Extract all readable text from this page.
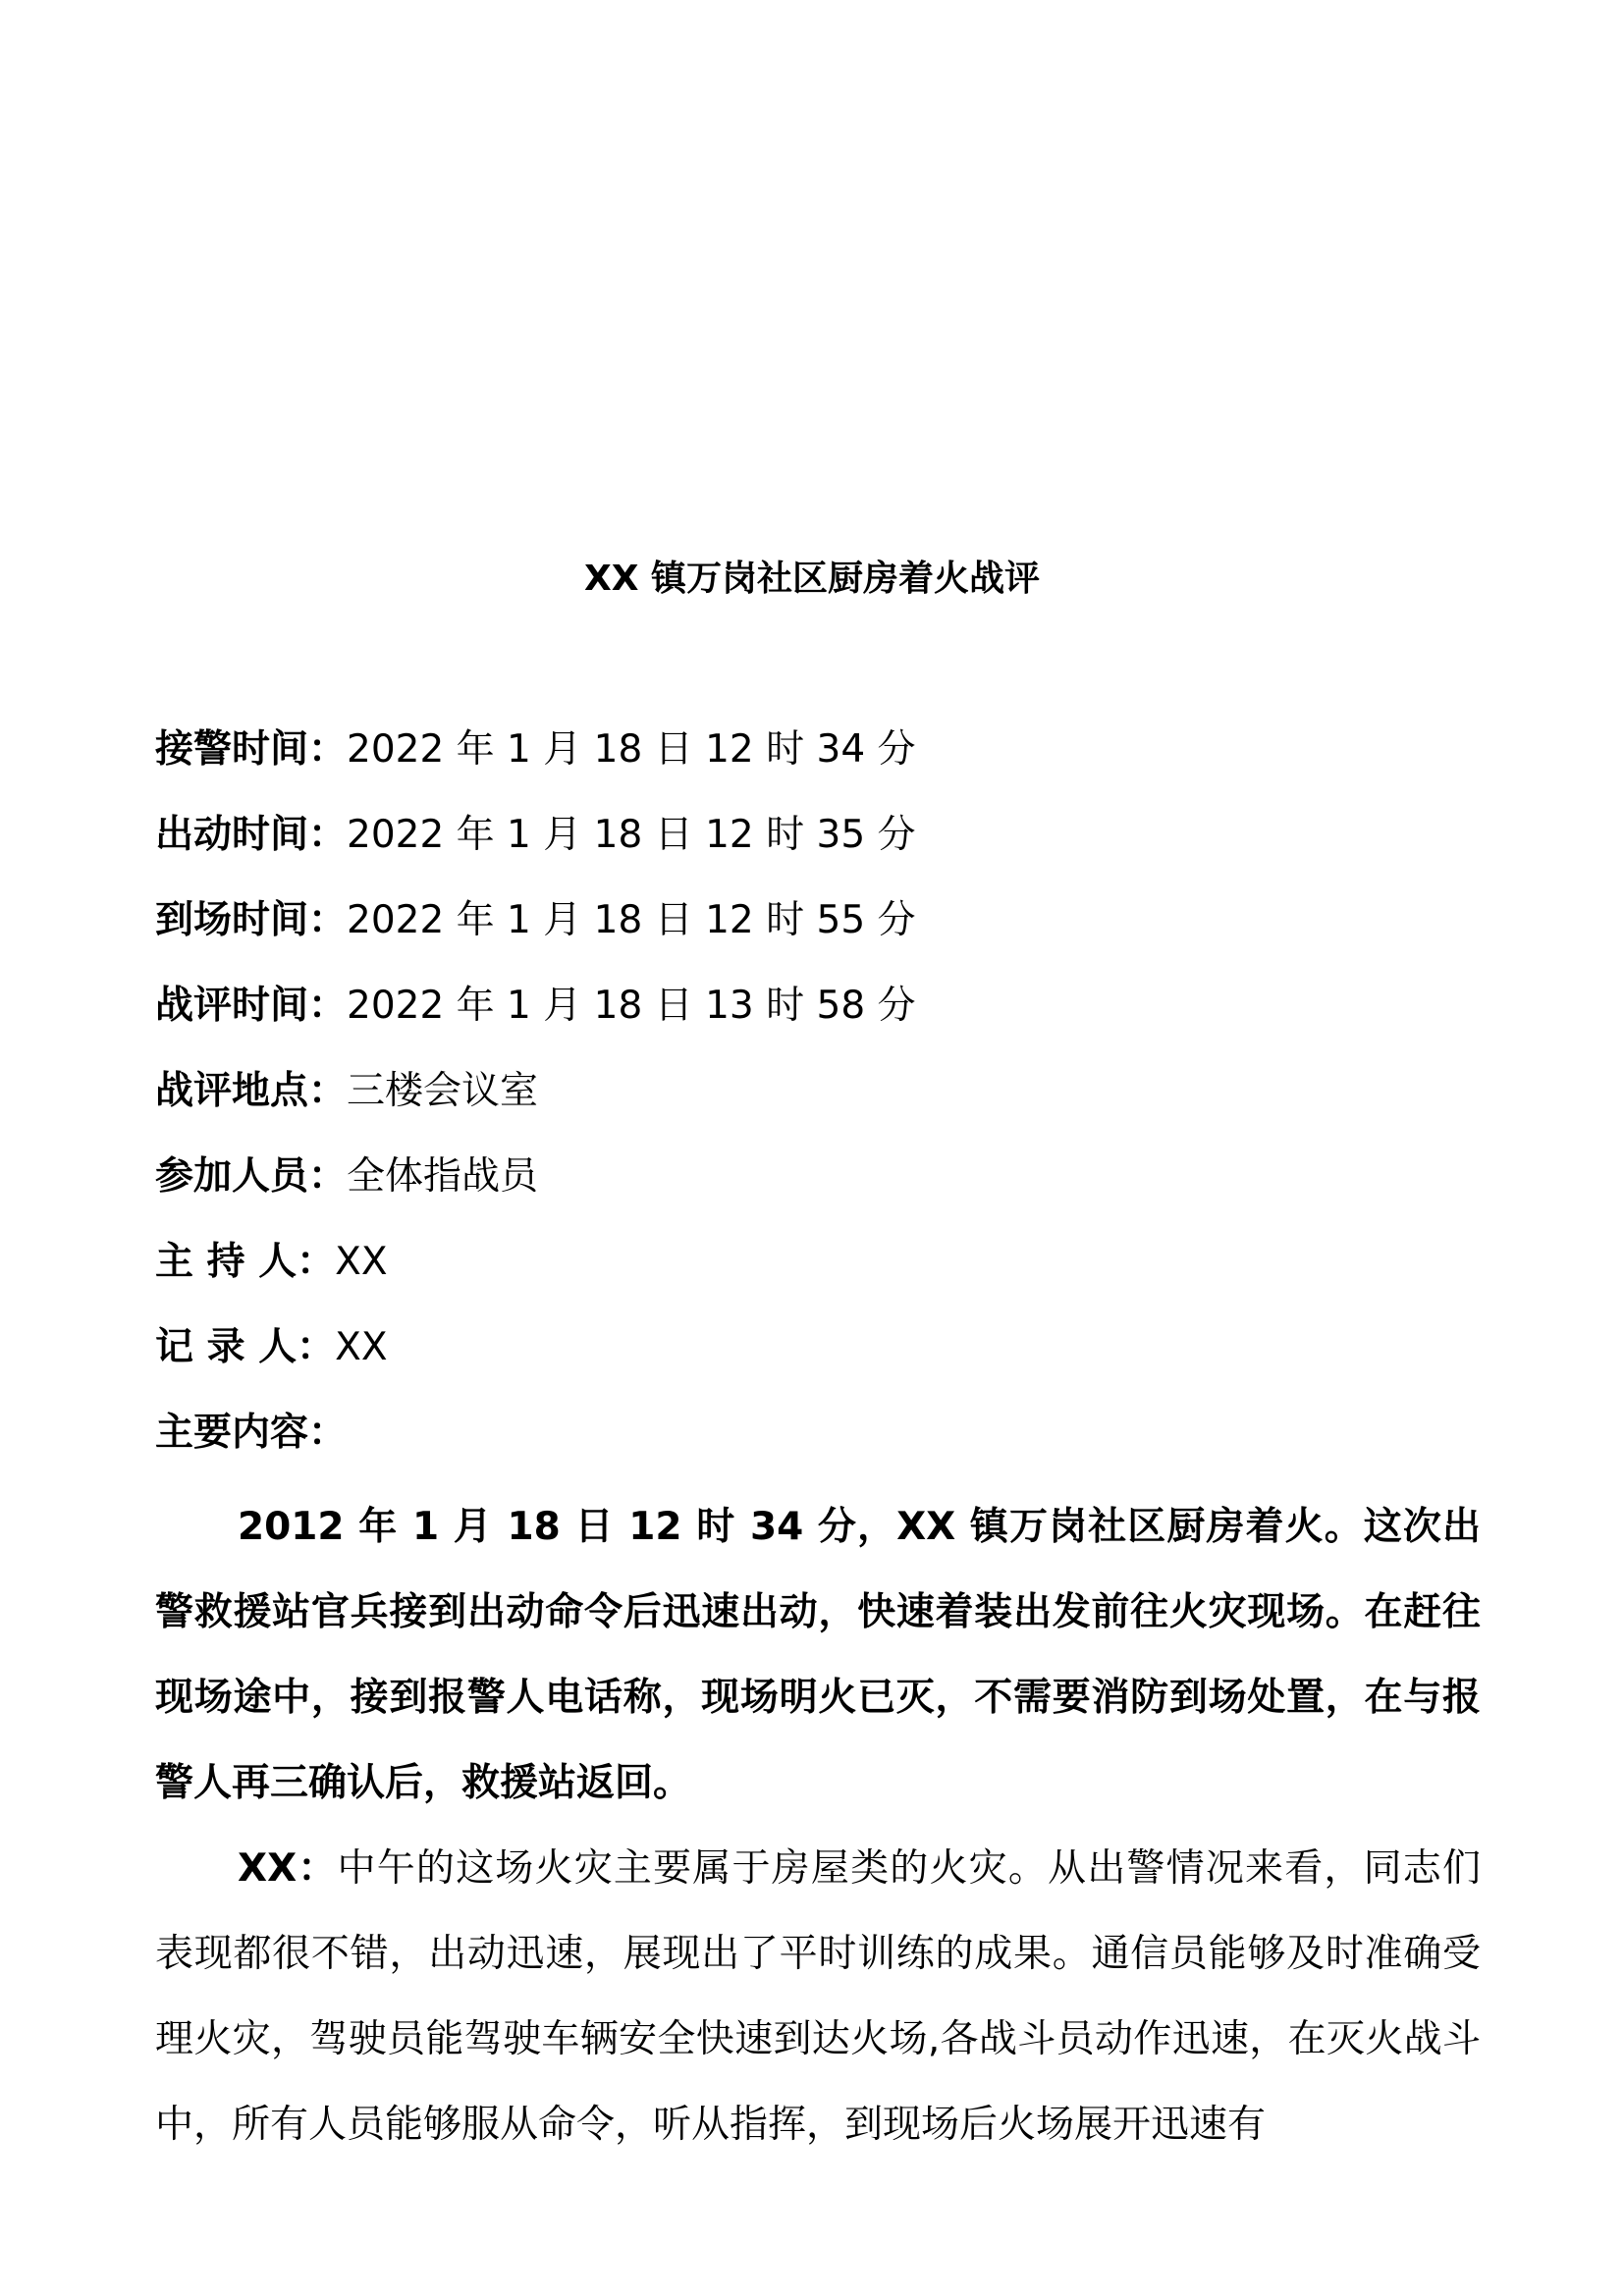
XX 镇万岗社区厨房着火战评
接警时间：2022 年 1 月 18 日 12 时 34 分
出动时间：2022 年 1 月 18 日 12 时 35 分
到场时间：2022 年 1 月 18 日 12 时 55 分
战评时间：2022 年 1 月 18 日 13 时 58 分
战评地点：三楼会议室
参加人员：全体指战员
主 持 人：XX
记 录 人：XX
主要内容：

2012 年 1 月 18 日 12 时 34 分，XX 镇万岗社区厨房着火。这次出警救援站官兵接到出动命令后迅速出动，快速着装出发前往火灾现场。在赶往现场途中，接到报警人电话称，现场明火已灭，不需要消防到场处置，在与报警人再三确认后，救援站返回。

XX：中午的这场火灾主要属于房屋类的火灾。从出警情况来看，同志们表现都很不错，出动迅速，展现出了平时训练的成果。通信员能够及时准确受理火灾，驾驶员能驾驶车辆安全快速到达火场,各战斗员动作迅速，在灭火战斗中，所有人员能够服从命令，听从指挥，到现场后火场展开迅速有
